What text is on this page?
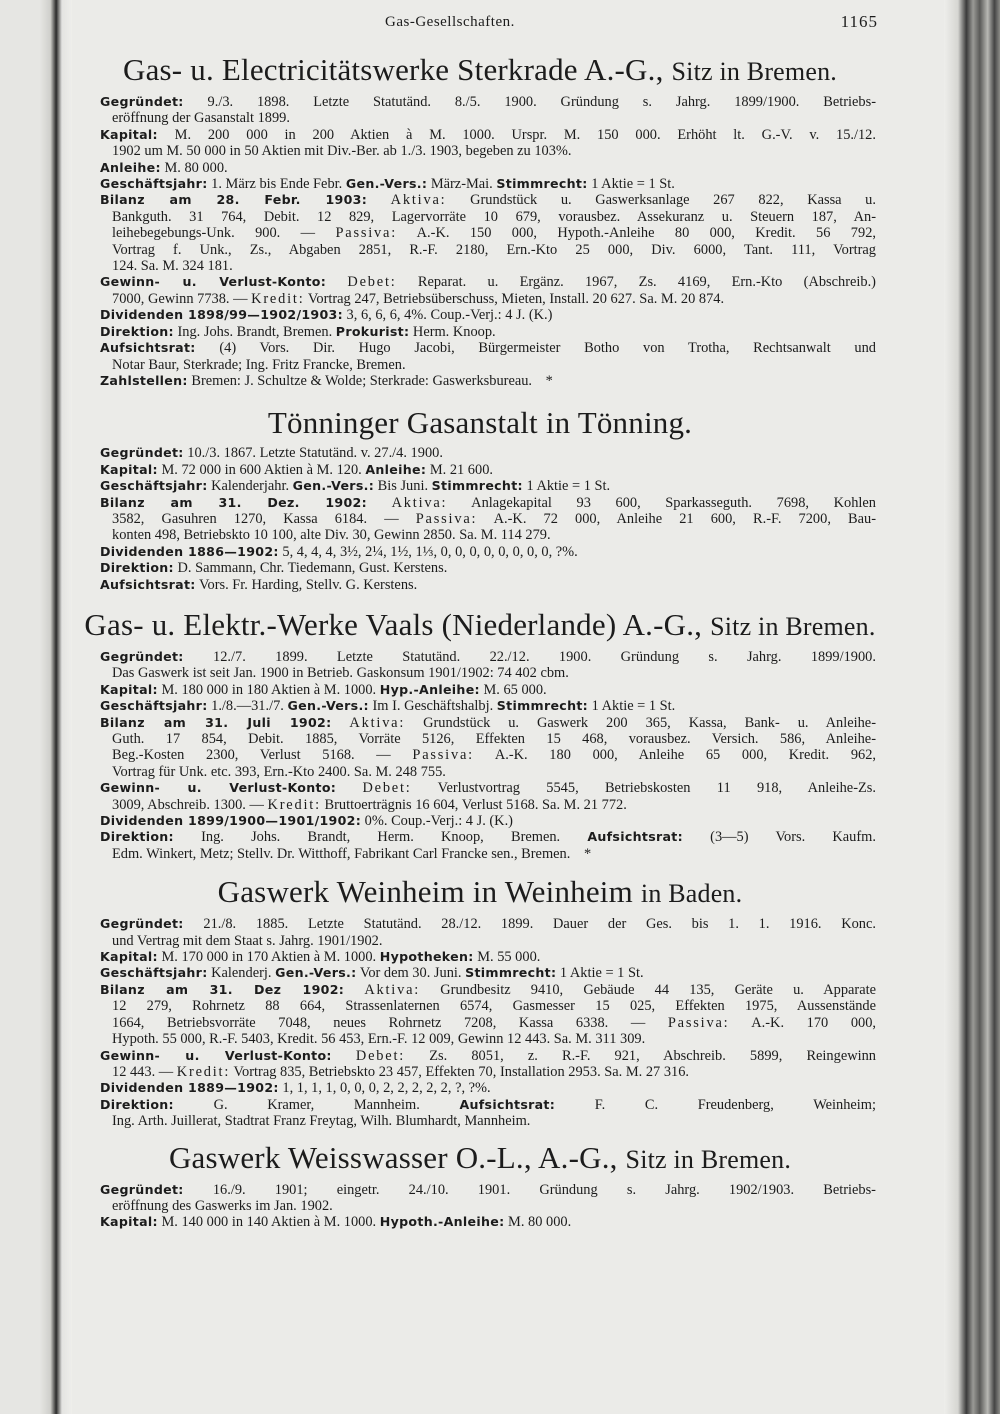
Gas-Gesellschaften.	1165
Gas- u. Electricitätswerke Sterkrade A.-G., Sitz in Bremen.
Gegründet: 9./3. 1898. Letzte Statutänd. 8./5. 1900. Gründung s. Jahrg. 1899/1900. Betriebs-
eröffnung der Gasanstalt 1899.
Kapital: M. 200 000 in 200 Aktien à M. 1000. Urspr. M. 150 000. Erhöht lt. G.-V. v. 15./12.
1902 um M. 50 000 in 50 Aktien mit Div.-Ber. ab 1./3. 1903, begeben zu 103%.
Anleihe: M. 80 000.
Geschäftsjahr: 1. März bis Ende Febr. Gen.-Vers.: März-Mai. Stimmrecht: 1 Aktie = 1 St.
Bilanz am 28. Febr. 1903: Aktiva: Grundstück u. Gaswerksanlage 267 822, Kassa u.
Bankguth. 31 764, Debit. 12 829, Lagervorräte 10 679, vorausbez. Assekuranz u. Steuern 187, An-
leihebegebungs-Unk. 900. — Passiva: A.-K. 150 000, Hypoth.-Anleihe 80 000, Kredit. 56 792,
Vortrag f. Unk., Zs., Abgaben 2851, R.-F. 2180, Ern.-Kto 25 000, Div. 6000, Tant. 111, Vortrag
124. Sa. M. 324 181.
Gewinn- u. Verlust-Konto: Debet: Reparat. u. Ergänz. 1967, Zs. 4169, Ern.-Kto (Abschreib.)
7000, Gewinn 7738. — Kredit: Vortrag 247, Betriebsüberschuss, Mieten, Install. 20 627. Sa. M. 20 874.
Dividenden 1898/99—1902/1903: 3, 6, 6, 6, 4%. Coup.-Verj.: 4 J. (K.)
Direktion: Ing. Johs. Brandt, Bremen. Prokurist: Herm. Knoop.
Aufsichtsrat: (4) Vors. Dir. Hugo Jacobi, Bürgermeister Botho von Trotha, Rechtsanwalt und
Notar Baur, Sterkrade; Ing. Fritz Francke, Bremen.
Zahlstellen: Bremen: J. Schultze & Wolde; Sterkrade: Gaswerksbureau. *
Tönninger Gasanstalt in Tönning.
Gegründet: 10./3. 1867. Letzte Statutänd. v. 27./4. 1900.
Kapital: M. 72 000 in 600 Aktien à M. 120. Anleihe: M. 21 600.
Geschäftsjahr: Kalenderjahr. Gen.-Vers.: Bis Juni. Stimmrecht: 1 Aktie = 1 St.
Bilanz am 31. Dez. 1902: Aktiva: Anlagekapital 93 600, Sparkasseguth. 7698, Kohlen
3582, Gasuhren 1270, Kassa 6184. — Passiva: A.-K. 72 000, Anleihe 21 600, R.-F. 7200, Bau-
konten 498, Betriebskto 10 100, alte Div. 30, Gewinn 2850. Sa. M. 114 279.
Dividenden 1886—1902: 5, 4, 4, 4, 3½, 2¼, 1½, 1⅓, 0, 0, 0, 0, 0, 0, 0, 0, ?%.
Direktion: D. Sammann, Chr. Tiedemann, Gust. Kerstens.
Aufsichtsrat: Vors. Fr. Harding, Stellv. G. Kerstens.
Gas- u. Elektr.-Werke Vaals (Niederlande) A.-G., Sitz in Bremen.
Gegründet: 12./7. 1899. Letzte Statutänd. 22./12. 1900. Gründung s. Jahrg. 1899/1900.
Das Gaswerk ist seit Jan. 1900 in Betrieb. Gaskonsum 1901/1902: 74 402 cbm.
Kapital: M. 180 000 in 180 Aktien à M. 1000. Hyp.-Anleihe: M. 65 000.
Geschäftsjahr: 1./8.—31./7. Gen.-Vers.: Im I. Geschäftshalbj. Stimmrecht: 1 Aktie = 1 St.
Bilanz am 31. Juli 1902: Aktiva: Grundstück u. Gaswerk 200 365, Kassa, Bank- u. Anleihe-
Guth. 17 854, Debit. 1885, Vorräte 5126, Effekten 15 468, vorausbez. Versich. 586, Anleihe-
Beg.-Kosten 2300, Verlust 5168. — Passiva: A.-K. 180 000, Anleihe 65 000, Kredit. 962,
Vortrag für Unk. etc. 393, Ern.-Kto 2400. Sa. M. 248 755.
Gewinn- u. Verlust-Konto: Debet: Verlustvortrag 5545, Betriebskosten 11 918, Anleihe-Zs.
3009, Abschreib. 1300. — Kredit: Bruttoerträgnis 16 604, Verlust 5168. Sa. M. 21 772.
Dividenden 1899/1900—1901/1902: 0%. Coup.-Verj.: 4 J. (K.)
Direktion: Ing. Johs. Brandt, Herm. Knoop, Bremen. Aufsichtsrat: (3—5) Vors. Kaufm.
Edm. Winkert, Metz; Stellv. Dr. Witthoff, Fabrikant Carl Francke sen., Bremen. *
Gaswerk Weinheim in Weinheim in Baden.
Gegründet: 21./8. 1885. Letzte Statutänd. 28./12. 1899. Dauer der Ges. bis 1. 1. 1916. Konc.
und Vertrag mit dem Staat s. Jahrg. 1901/1902.
Kapital: M. 170 000 in 170 Aktien à M. 1000. Hypotheken: M. 55 000.
Geschäftsjahr: Kalenderj. Gen.-Vers.: Vor dem 30. Juni. Stimmrecht: 1 Aktie = 1 St.
Bilanz am 31. Dez 1902: Aktiva: Grundbesitz 9410, Gebäude 44 135, Geräte u. Apparate
12 279, Rohrnetz 88 664, Strassenlaternen 6574, Gasmesser 15 025, Effekten 1975, Aussenstände
1664, Betriebsvorräte 7048, neues Rohrnetz 7208, Kassa 6338. — Passiva: A.-K. 170 000,
Hypoth. 55 000, R.-F. 5403, Kredit. 56 453, Ern.-F. 12 009, Gewinn 12 443. Sa. M. 311 309.
Gewinn- u. Verlust-Konto: Debet: Zs. 8051, z. R.-F. 921, Abschreib. 5899, Reingewinn
12 443. — Kredit: Vortrag 835, Betriebskto 23 457, Effekten 70, Installation 2953. Sa. M. 27 316.
Dividenden 1889—1902: 1, 1, 1, 1, 0, 0, 0, 2, 2, 2, 2, 2, ?, ?%.
Direktion:	G. Kramer, Mannheim.	Aufsichtsrat:	F. C. Freudenberg, Weinheim;
Ing. Arth. Juillerat, Stadtrat Franz Freytag, Wilh. Blumhardt, Mannheim.
Gaswerk Weisswasser O.-L., A.-G., Sitz in Bremen.
Gegründet: 16./9. 1901; eingetr. 24./10. 1901. Gründung s. Jahrg. 1902/1903. Betriebs-
eröffnung des Gaswerks im Jan. 1902.
Kapital: M. 140 000 in 140 Aktien à M. 1000. Hypoth.-Anleihe: M. 80 000.
